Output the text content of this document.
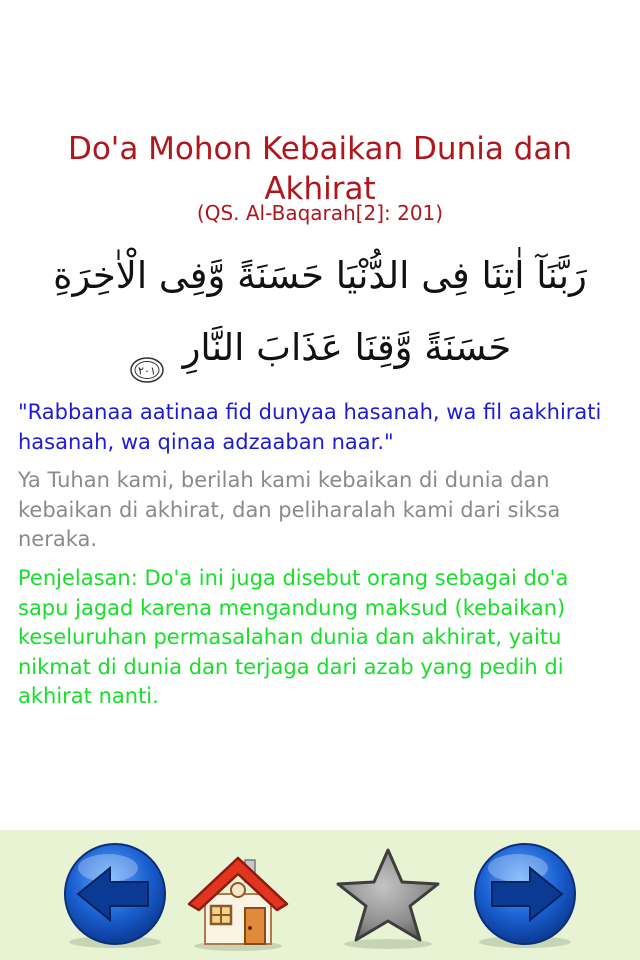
Do'a Mohon Kebaikan Dunia dan Akhirat
(QS. Al-Baqarah[2]: 201)
رَبَّنَآ اٰتِنَا فِى الدُّنْيَا حَسَنَةً وَّفِى الْاٰخِرَةِ
حَسَنَةً وَّقِنَا عَذَابَ النَّارِ
٢٠١

"Rabbanaa aatinaa fid dunyaa hasanah, wa fil aakhirati hasanah, wa qinaa adzaaban naar."

Ya Tuhan kami, berilah kami kebaikan di dunia dan kebaikan di akhirat, dan peliharalah kami dari siksa neraka.

Penjelasan: Do'a ini juga disebut orang sebagai do'a sapu jagad karena mengandung maksud (kebaikan) keseluruhan permasalahan dunia dan akhirat, yaitu nikmat di dunia dan terjaga dari azab yang pedih di akhirat nanti.
